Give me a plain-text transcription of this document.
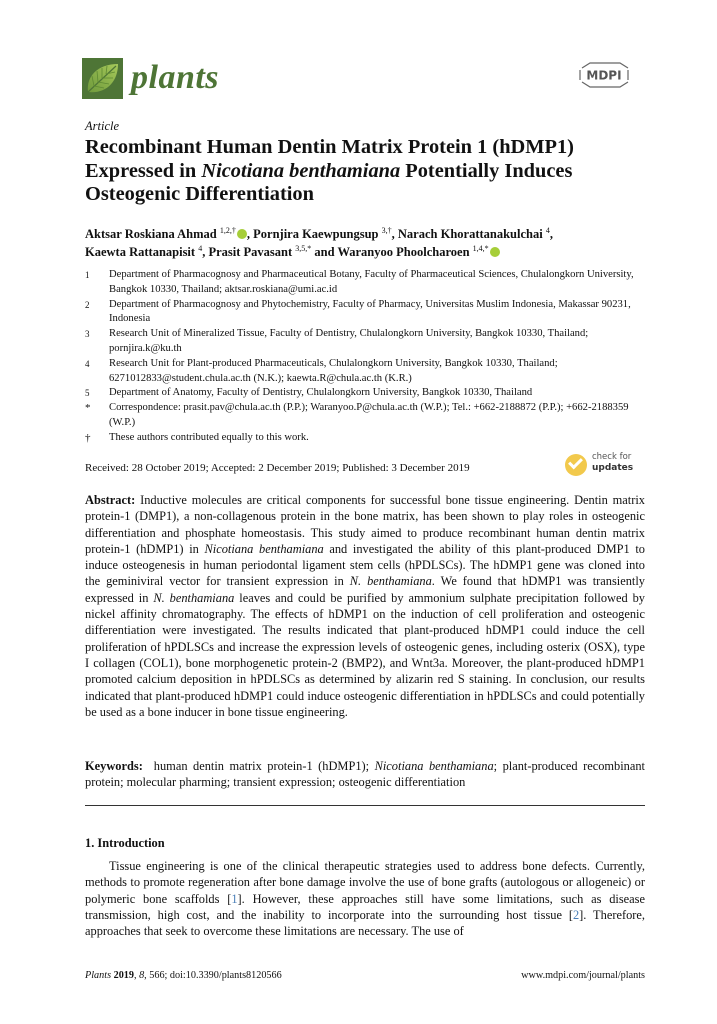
plants	MDPI
Article
Recombinant Human Dentin Matrix Protein 1 (hDMP1) Expressed in Nicotiana benthamiana Potentially Induces Osteogenic Differentiation
Aktsar Roskiana Ahmad $^{1,2,\dagger}$ , Pornjira Kaewpungsup $^{3,\dagger}$, Narach Khorattanakulchai $^4$,
Kaewta Rattanapisit $^4$, Prasit Pavasant $^{3,5,*}$ and Waranyoo Phoolcharoen $^{1,4,*}$
1	Department of Pharmacognosy and Pharmaceutical Botany, Faculty of Pharmaceutical Sciences, Chulalongkorn University, Bangkok 10330, Thailand; aktsar.roskiana@umi.ac.id
2	Department of Pharmacognosy and Phytochemistry, Faculty of Pharmacy, Universitas Muslim Indonesia, Makassar 90231, Indonesia
3	Research Unit of Mineralized Tissue, Faculty of Dentistry, Chulalongkorn University, Bangkok 10330, Thailand; pornjira.k@ku.th
4	Research Unit for Plant-produced Pharmaceuticals, Chulalongkorn University, Bangkok 10330, Thailand; 6271012833@student.chula.ac.th (N.K.); kaewta.R@chula.ac.th (K.R.)
5	Department of Anatomy, Faculty of Dentistry, Chulalongkorn University, Bangkok 10330, Thailand
*	Correspondence: prasit.pav@chula.ac.th (P.P.); Waranyoo.P@chula.ac.th (W.P.); Tel.: +662-2188872 (P.P.); +662-2188359 (W.P.)
†	These authors contributed equally to this work.
Received: 28 October 2019; Accepted: 2 December 2019; Published: 3 December 2019
check for
updates
Abstract: Inductive molecules are critical components for successful bone tissue engineering. Dentin matrix protein-1 (DMP1), a non-collagenous protein in the bone matrix, has been shown to play roles in osteogenic differentiation and phosphate homeostasis. This study aimed to produce recombinant human dentin matrix protein-1 (hDMP1) in Nicotiana benthamiana and investigated the ability of this plant-produced DMP1 to induce osteogenesis in human periodontal ligament stem cells (hPDLSCs). The hDMP1 gene was cloned into the geminiviral vector for transient expression in N. benthamiana. We found that hDMP1 was transiently expressed in N. benthamiana leaves and could be purified by ammonium sulphate precipitation followed by nickel affinity chromatography. The effects of hDMP1 on the induction of cell proliferation and osteogenic differentiation were investigated. The results indicated that plant-produced hDMP1 could induce the cell proliferation of hPDLSCs and increase the expression levels of osteogenic genes, including osterix (OSX), type I collagen (COL1), bone morphogenetic protein-2 (BMP2), and Wnt3a. Moreover, the plant-produced hDMP1 promoted calcium deposition in hPDLSCs as determined by alizarin red S staining. In conclusion, our results indicated that plant-produced hDMP1 could induce osteogenic differentiation in hPDLSCs and could potentially be used as a bone inducer in bone tissue engineering.
Keywords:  human dentin matrix protein-1 (hDMP1); Nicotiana benthamiana; plant-produced recombinant protein; molecular pharming; transient expression; osteogenic differentiation
1. Introduction
Tissue engineering is one of the clinical therapeutic strategies used to address bone defects. Currently, methods to promote regeneration after bone damage involve the use of bone grafts (autologous or allogeneic) or polymeric bone scaffolds [1]. However, these approaches still have some limitations, such as disease transmission, high cost, and the inability to incorporate into the surrounding host tissue [2]. Therefore, approaches that seek to overcome these limitations are necessary. The use of
Plants 2019, 8, 566; doi:10.3390/plants8120566	www.mdpi.com/journal/plants
